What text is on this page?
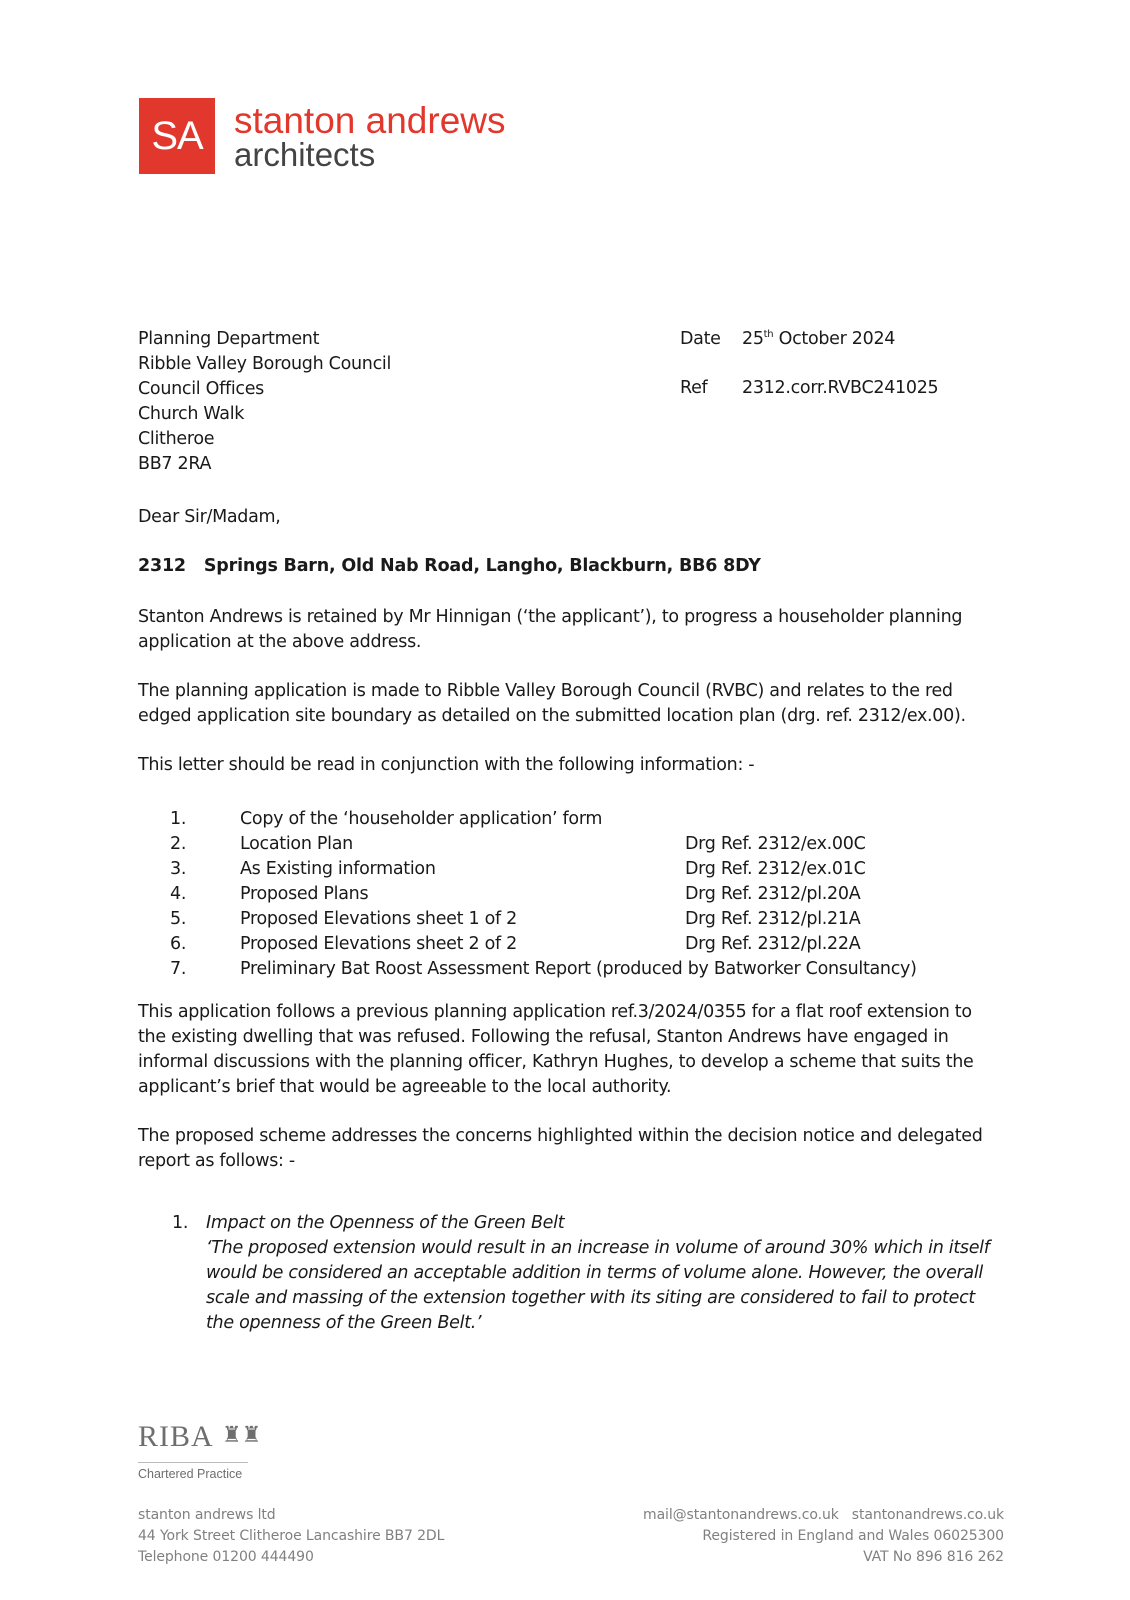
SA stanton andrews
architects
Planning Department
Ribble Valley Borough Council
Council Offices
Church Walk
Clitheroe
BB7 2RA
Date 25th October 2024
Ref 2312.corr.RVBC241025
Dear Sir/Madam,
2312 Springs Barn, Old Nab Road, Langho, Blackburn, BB6 8DY
Stanton Andrews is retained by Mr Hinnigan (‘the applicant’), to progress a householder planning application at the above address.
The planning application is made to Ribble Valley Borough Council (RVBC) and relates to the red edged application site boundary as detailed on the submitted location plan (drg. ref. 2312/ex.00).
This letter should be read in conjunction with the following information: -
1.	Copy of the ‘householder application’ form
2.	Location Plan	Drg Ref. 2312/ex.00C
3.	As Existing information	Drg Ref. 2312/ex.01C
4.	Proposed Plans	Drg Ref. 2312/pl.20A
5.	Proposed Elevations sheet 1 of 2	Drg Ref. 2312/pl.21A
6.	Proposed Elevations sheet 2 of 2	Drg Ref. 2312/pl.22A
7.	Preliminary Bat Roost Assessment Report (produced by Batworker Consultancy)
This application follows a previous planning application ref.3/2024/0355 for a flat roof extension to the existing dwelling that was refused. Following the refusal, Stanton Andrews have engaged in informal discussions with the planning officer, Kathryn Hughes, to develop a scheme that suits the applicant’s brief that would be agreeable to the local authority.
The proposed scheme addresses the concerns highlighted within the decision notice and delegated report as follows: -
1. Impact on the Openness of the Green Belt
‘The proposed extension would result in an increase in volume of around 30% which in itself would be considered an acceptable addition in terms of volume alone. However, the overall scale and massing of the extension together with its siting are considered to fail to protect the openness of the Green Belt.’
RIBA ♜♜
Chartered Practice
stanton andrews ltd
44 York Street Clitheroe Lancashire BB7 2DL
Telephone 01200 444490
mail@stantonandrews.co.uk   stantonandrews.co.uk
Registered in England and Wales 06025300
VAT No 896 816 262
